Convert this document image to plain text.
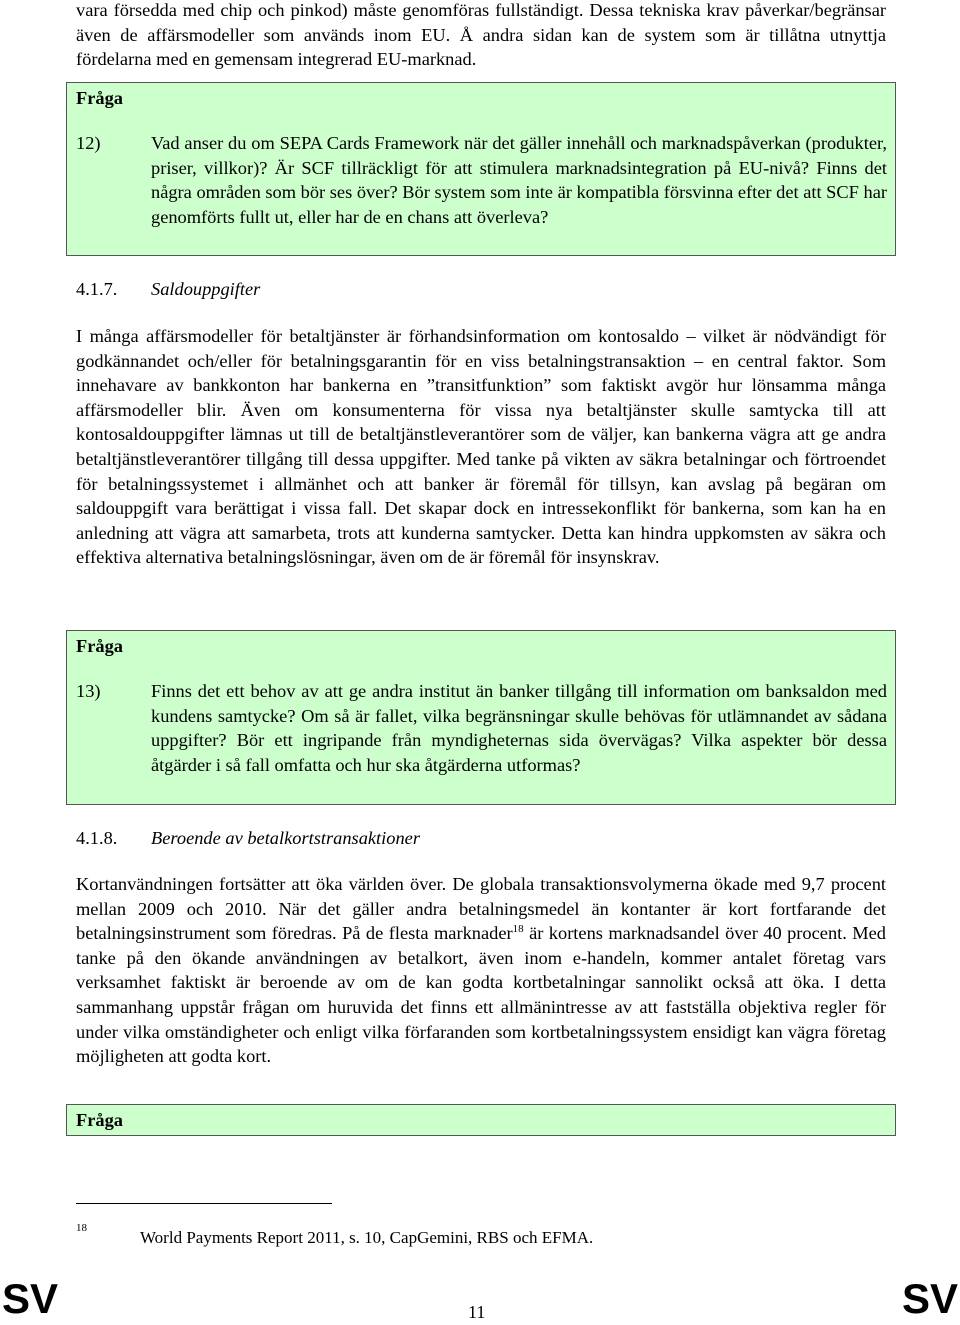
vara försedda med chip och pinkod) måste genomföras fullständigt. Dessa tekniska krav påverkar/begränsar även de affärsmodeller som används inom EU. Å andra sidan kan de system som är tillåtna utnyttja fördelarna med en gemensam integrerad EU-marknad.
Fråga
12)	Vad anser du om SEPA Cards Framework när det gäller innehåll och marknadspåverkan (produkter, priser, villkor)? Är SCF tillräckligt för att stimulera marknadsintegration på EU-nivå? Finns det några områden som bör ses över? Bör system som inte är kompatibla försvinna efter det att SCF har genomförts fullt ut, eller har de en chans att överleva?
4.1.7. Saldouppgifter
I många affärsmodeller för betaltjänster är förhandsinformation om kontosaldo – vilket är nödvändigt för godkännandet och/eller för betalningsgarantin för en viss betalningstransaktion – en central faktor. Som innehavare av bankkonton har bankerna en ”transitfunktion” som faktiskt avgör hur lönsamma många affärsmodeller blir. Även om konsumenterna för vissa nya betaltjänster skulle samtycka till att kontosaldouppgifter lämnas ut till de betaltjänstleverantörer som de väljer, kan bankerna vägra att ge andra betaltjänstleverantörer tillgång till dessa uppgifter. Med tanke på vikten av säkra betalningar och förtroendet för betalningssystemet i allmänhet och att banker är föremål för tillsyn, kan avslag på begäran om saldouppgift vara berättigat i vissa fall. Det skapar dock en intressekonflikt för bankerna, som kan ha en anledning att vägra att samarbeta, trots att kunderna samtycker. Detta kan hindra uppkomsten av säkra och effektiva alternativa betalningslösningar, även om de är föremål för insynskrav.
Fråga
13)	Finns det ett behov av att ge andra institut än banker tillgång till information om banksaldon med kundens samtycke? Om så är fallet, vilka begränsningar skulle behövas för utlämnandet av sådana uppgifter? Bör ett ingripande från myndigheternas sida övervägas? Vilka aspekter bör dessa åtgärder i så fall omfatta och hur ska åtgärderna utformas?
4.1.8. Beroende av betalkortstransaktioner
Kortanvändningen fortsätter att öka världen över. De globala transaktionsvolymerna ökade med 9,7 procent mellan 2009 och 2010. När det gäller andra betalningsmedel än kontanter är kort fortfarande det betalningsinstrument som föredras. På de flesta marknader$^{18}$ är kortens marknadsandel över 40 procent. Med tanke på den ökande användningen av betalkort, även inom e-handeln, kommer antalet företag vars verksamhet faktiskt är beroende av om de kan godta kortbetalningar sannolikt också att öka. I detta sammanhang uppstår frågan om huruvida det finns ett allmänintresse av att fastställa objektiva regler för under vilka omständigheter och enligt vilka förfaranden som kortbetalningssystem ensidigt kan vägra företag möjligheten att godta kort.
Fråga
18	World Payments Report 2011, s. 10, CapGemini, RBS och EFMA.
SV	11	SV
